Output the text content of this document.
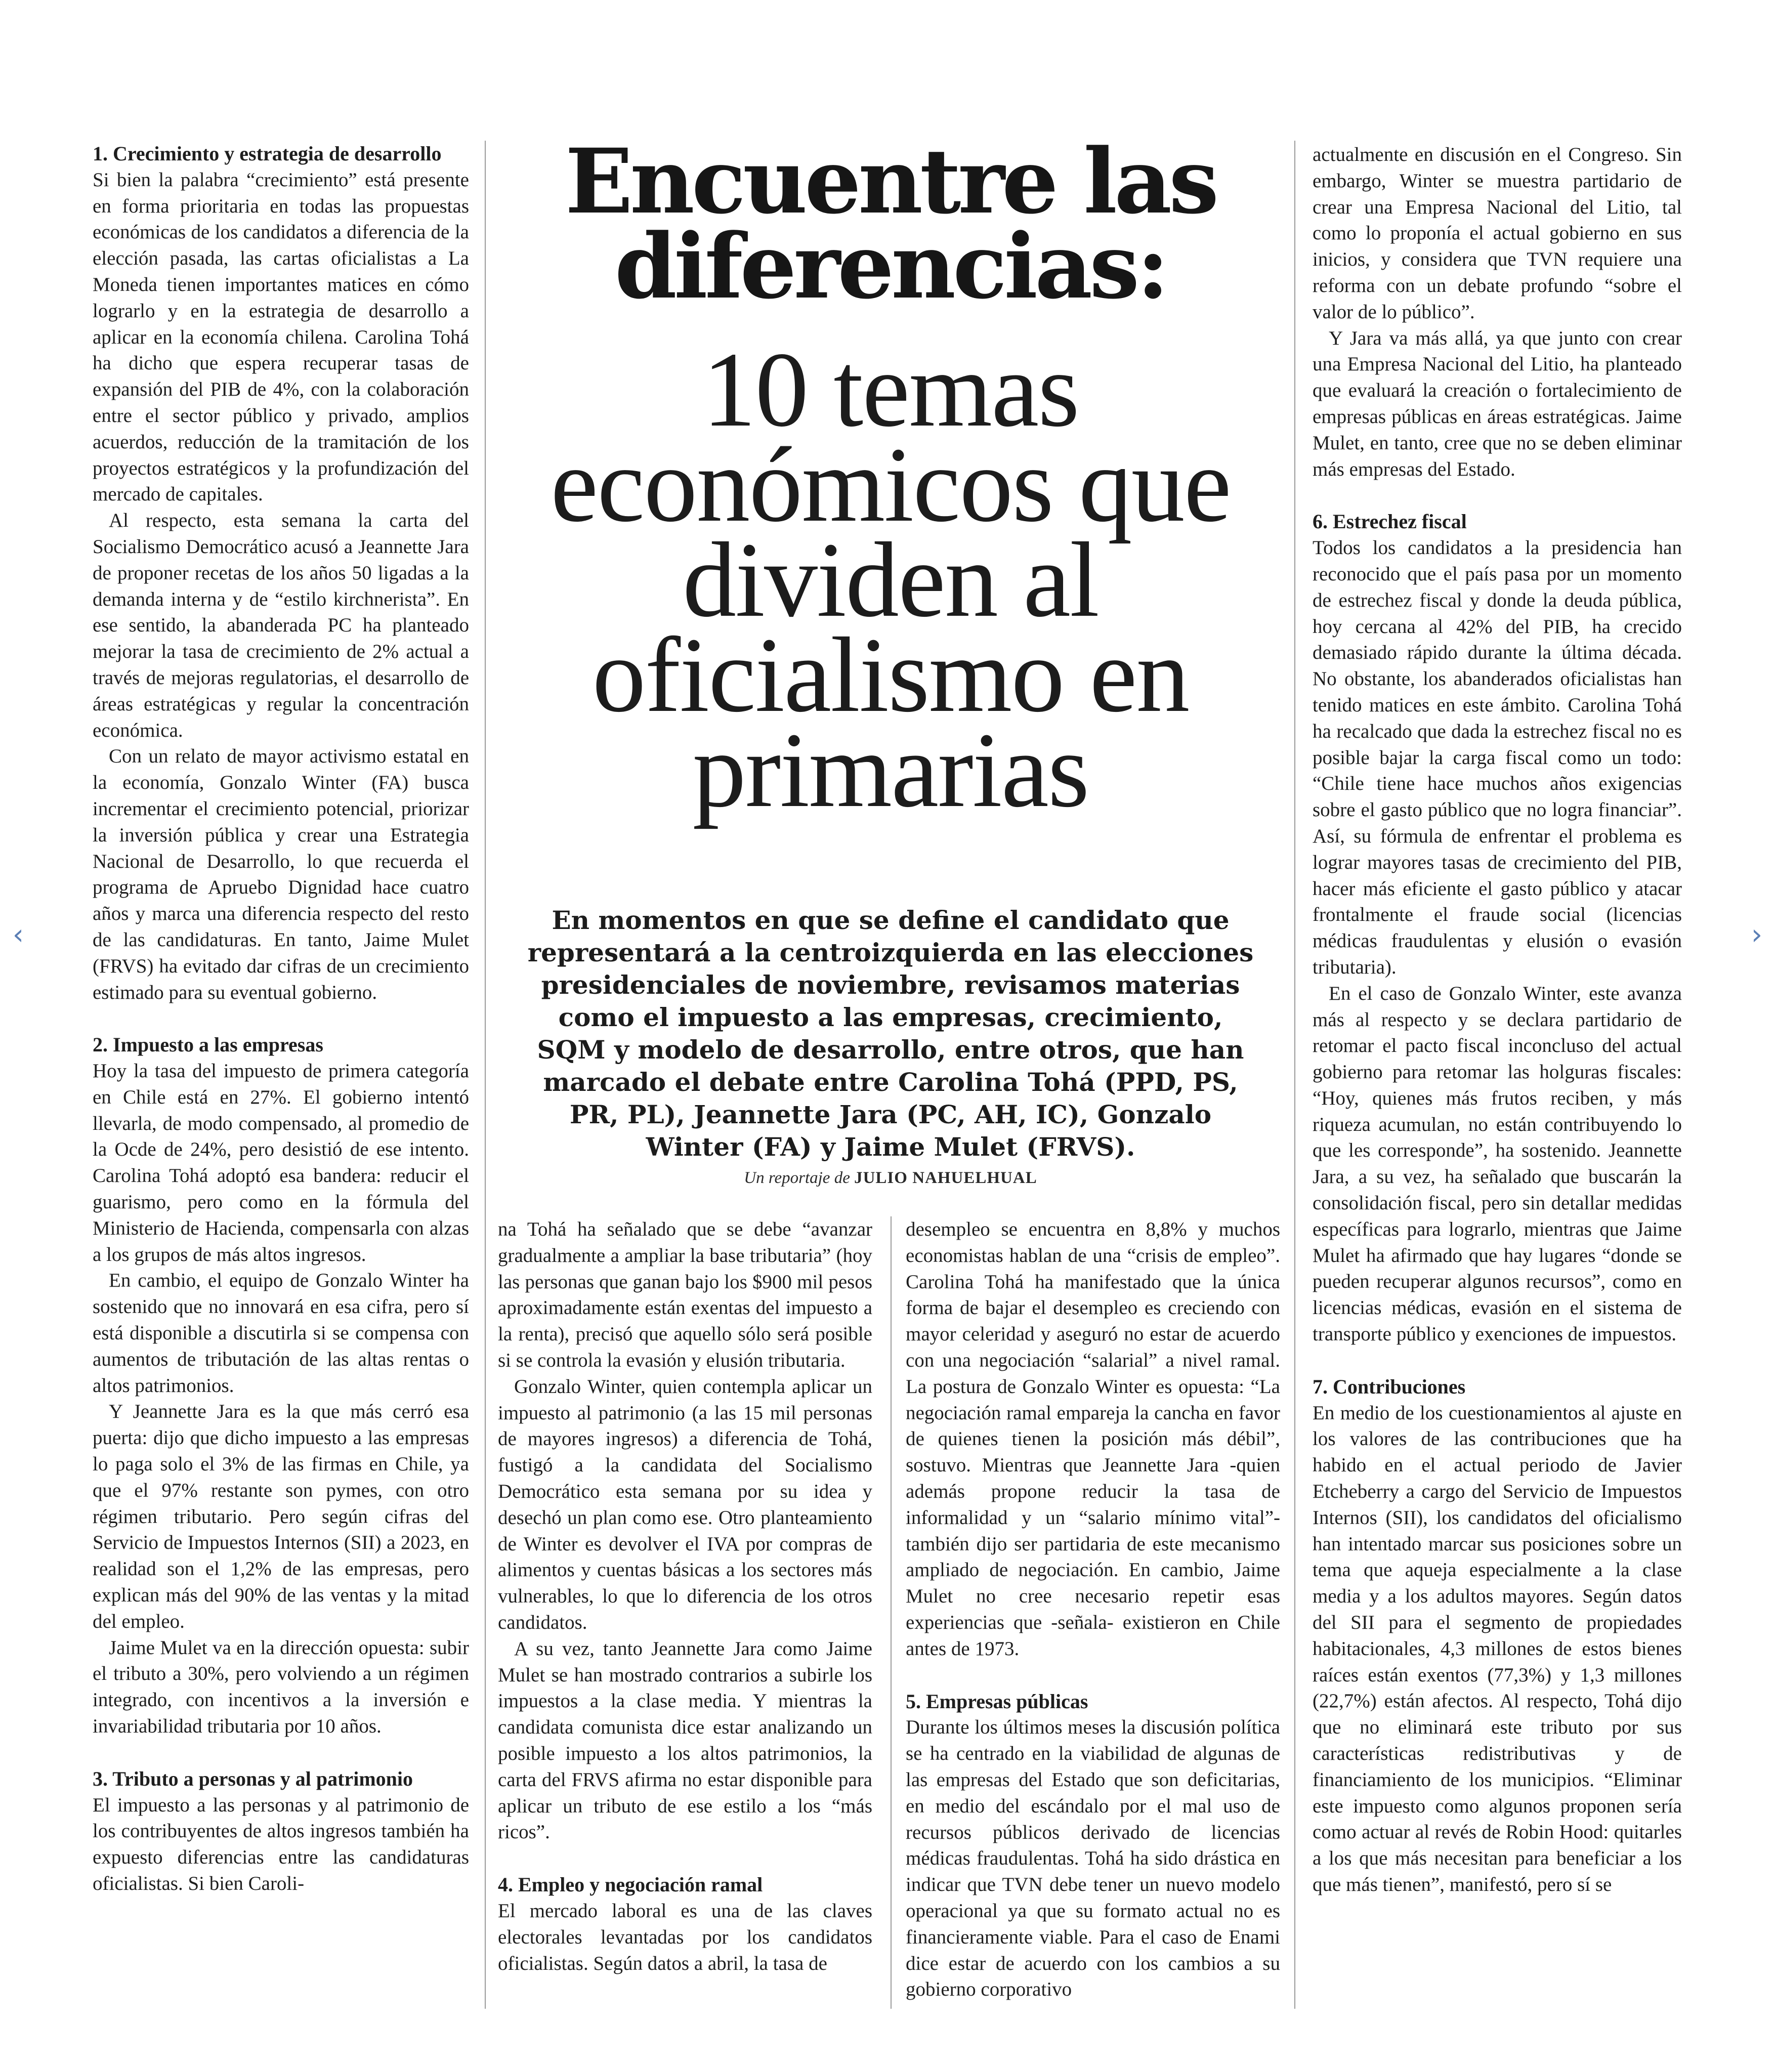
‹	›
1. Crecimiento y estrategia de desarrollo

Si bien la palabra “crecimiento” está presente en forma prioritaria en todas las propuestas económicas de los candidatos a diferencia de la elección pasada, las cartas oficialistas a La Moneda tienen importantes matices en cómo lograrlo y en la estrategia de desarrollo a aplicar en la economía chilena. Carolina Tohá ha dicho que espera recuperar tasas de expansión del PIB de 4%, con la colaboración entre el sector público y privado, amplios acuerdos, reducción de la tramitación de los proyectos estratégicos y la profundización del mercado de capitales.

Al respecto, esta semana la carta del Socialismo Democrático acusó a Jeannette Jara de proponer recetas de los años 50 ligadas a la demanda interna y de “estilo kirchnerista”. En ese sentido, la abanderada PC ha planteado mejorar la tasa de crecimiento de 2% actual a través de mejoras regulatorias, el desarrollo de áreas estratégicas y regular la concentración económica.

Con un relato de mayor activismo estatal en la economía, Gonzalo Winter (FA) busca incrementar el crecimiento potencial, priorizar la inversión pública y crear una Estrategia Nacional de Desarrollo, lo que recuerda el programa de Apruebo Dignidad hace cuatro años y marca una diferencia respecto del resto de las candidaturas. En tanto, Jaime Mulet (FRVS) ha evitado dar cifras de un crecimiento estimado para su eventual gobierno.

2. Impuesto a las empresas

Hoy la tasa del impuesto de primera categoría en Chile está en 27%. El gobierno intentó llevarla, de modo compensado, al promedio de la Ocde de 24%, pero desistió de ese intento. Carolina Tohá adoptó esa bandera: reducir el guarismo, pero como en la fórmula del Ministerio de Hacienda, compensarla con alzas a los grupos de más altos ingresos.

En cambio, el equipo de Gonzalo Winter ha sostenido que no innovará en esa cifra, pero sí está disponible a discutirla si se compensa con aumentos de tributación de las altas rentas o altos patrimonios.

Y Jeannette Jara es la que más cerró esa puerta: dijo que dicho impuesto a las empresas lo paga solo el 3% de las firmas en Chile, ya que el 97% restante son pymes, con otro régimen tributario. Pero según cifras del Servicio de Impuestos Internos (SII) a 2023, en realidad son el 1,2% de las empresas, pero explican más del 90% de las ventas y la mitad del empleo.

Jaime Mulet va en la dirección opuesta: subir el tributo a 30%, pero volviendo a un régimen integrado, con incentivos a la inversión e invariabilidad tributaria por 10 años.

3. Tributo a personas y al patrimonio

El impuesto a las personas y al patrimonio de los contribuyentes de altos ingresos también ha expuesto diferencias entre las candidaturas oficialistas. Si bien Caroli-

Encuentre las diferencias:
10 temas económicos que dividen al oficialismo en primarias

En momentos en que se define el candidato que representará a la centroizquierda en las elecciones presidenciales de noviembre, revisamos materias como el impuesto a las empresas, crecimiento, SQM y modelo de desarrollo, entre otros, que han marcado el debate entre Carolina Tohá (PPD, PS, PR, PL), Jeannette Jara (PC, AH, IC), Gonzalo Winter (FA) y Jaime Mulet (FRVS).

Un reportaje de JULIO NAHUELHUAL

na Tohá ha señalado que se debe “avanzar gradualmente a ampliar la base tributaria” (hoy las personas que ganan bajo los $900 mil pesos aproximadamente están exentas del impuesto a la renta), precisó que aquello sólo será posible si se controla la evasión y elusión tributaria.

Gonzalo Winter, quien contempla aplicar un impuesto al patrimonio (a las 15 mil personas de mayores ingresos) a diferencia de Tohá, fustigó a la candidata del Socialismo Democrático esta semana por su idea y desechó un plan como ese. Otro planteamiento de Winter es devolver el IVA por compras de alimentos y cuentas básicas a los sectores más vulnerables, lo que lo diferencia de los otros candidatos.

A su vez, tanto Jeannette Jara como Jaime Mulet se han mostrado contrarios a subirle los impuestos a la clase media. Y mientras la candidata comunista dice estar analizando un posible impuesto a los altos patrimonios, la carta del FRVS afirma no estar disponible para aplicar un tributo de ese estilo a los “más ricos”.

4. Empleo y negociación ramal

El mercado laboral es una de las claves electorales levantadas por los candidatos oficialistas. Según datos a abril, la tasa de

desempleo se encuentra en 8,8% y muchos economistas hablan de una “crisis de empleo”. Carolina Tohá ha manifestado que la única forma de bajar el desempleo es creciendo con mayor celeridad y aseguró no estar de acuerdo con una negociación “salarial” a nivel ramal. La postura de Gonzalo Winter es opuesta: “La negociación ramal empareja la cancha en favor de quienes tienen la posición más débil”, sostuvo. Mientras que Jeannette Jara -quien además propone reducir la tasa de informalidad y un “salario mínimo vital”- también dijo ser partidaria de este mecanismo ampliado de negociación. En cambio, Jaime Mulet no cree necesario repetir esas experiencias que -señala- existieron en Chile antes de 1973.

5. Empresas públicas

Durante los últimos meses la discusión política se ha centrado en la viabilidad de algunas de las empresas del Estado que son deficitarias, en medio del escándalo por el mal uso de recursos públicos derivado de licencias médicas fraudulentas. Tohá ha sido drástica en indicar que TVN debe tener un nuevo modelo operacional ya que su formato actual no es financieramente viable. Para el caso de Enami dice estar de acuerdo con los cambios a su gobierno corporativo

actualmente en discusión en el Congreso. Sin embargo, Winter se muestra partidario de crear una Empresa Nacional del Litio, tal como lo proponía el actual gobierno en sus inicios, y considera que TVN requiere una reforma con un debate profundo “sobre el valor de lo público”.

Y Jara va más allá, ya que junto con crear una Empresa Nacional del Litio, ha planteado que evaluará la creación o fortalecimiento de empresas públicas en áreas estratégicas. Jaime Mulet, en tanto, cree que no se deben eliminar más empresas del Estado.

6. Estrechez fiscal

Todos los candidatos a la presidencia han reconocido que el país pasa por un momento de estrechez fiscal y donde la deuda pública, hoy cercana al 42% del PIB, ha crecido demasiado rápido durante la última década. No obstante, los abanderados oficialistas han tenido matices en este ámbito. Carolina Tohá ha recalcado que dada la estrechez fiscal no es posible bajar la carga fiscal como un todo: “Chile tiene hace muchos años exigencias sobre el gasto público que no logra financiar”. Así, su fórmula de enfrentar el problema es lograr mayores tasas de crecimiento del PIB, hacer más eficiente el gasto público y atacar frontalmente el fraude social (licencias médicas fraudulentas y elusión o evasión tributaria).

En el caso de Gonzalo Winter, este avanza más al respecto y se declara partidario de retomar el pacto fiscal inconcluso del actual gobierno para retomar las holguras fiscales: “Hoy, quienes más frutos reciben, y más riqueza acumulan, no están contribuyendo lo que les corresponde”, ha sostenido. Jeannette Jara, a su vez, ha señalado que buscarán la consolidación fiscal, pero sin detallar medidas específicas para lograrlo, mientras que Jaime Mulet ha afirmado que hay lugares “donde se pueden recuperar algunos recursos”, como en licencias médicas, evasión en el sistema de transporte público y exenciones de impuestos.

7. Contribuciones

En medio de los cuestionamientos al ajuste en los valores de las contribuciones que ha habido en el actual periodo de Javier Etcheberry a cargo del Servicio de Impuestos Internos (SII), los candidatos del oficialismo han intentado marcar sus posiciones sobre un tema que aqueja especialmente a la clase media y a los adultos mayores. Según datos del SII para el segmento de propiedades habitacionales, 4,3 millones de estos bienes raíces están exentos (77,3%) y 1,3 millones (22,7%) están afectos. Al respecto, Tohá dijo que no eliminará este tributo por sus características redistributivas y de financiamiento de los municipios. “Eliminar este impuesto como algunos proponen sería como actuar al revés de Robin Hood: quitarles a los que más necesitan para beneficiar a los que más tienen”, manifestó, pero sí se
